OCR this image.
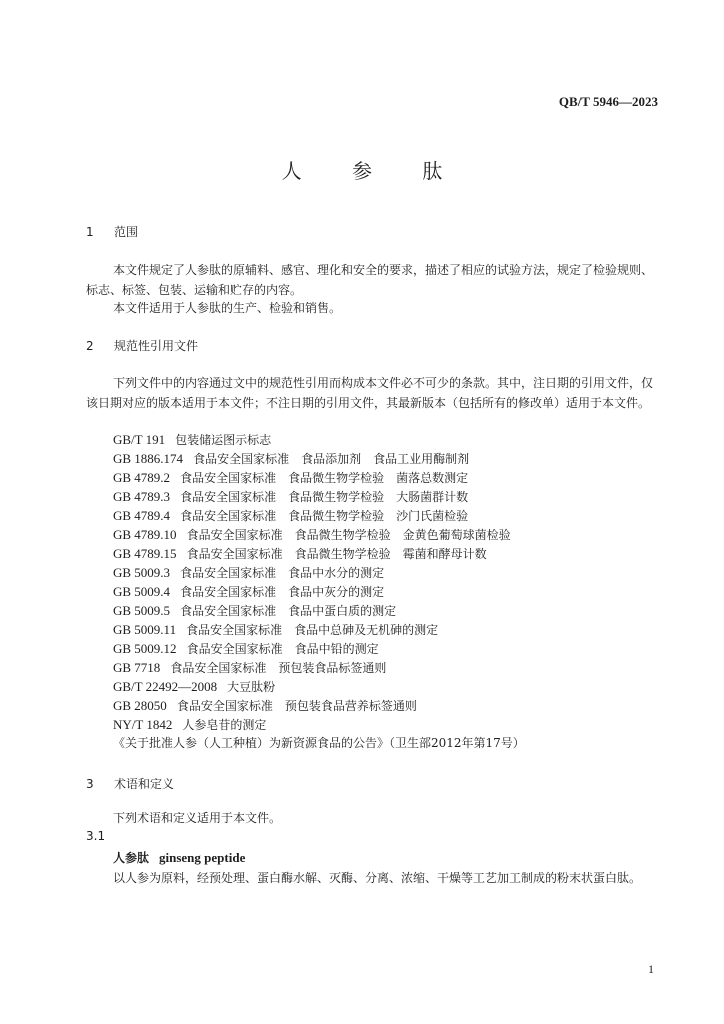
QB/T 5946—2023
人 参 肽
1 范围

本文件规定了人参肽的原辅料、感官、理化和安全的要求，描述了相应的试验方法，规定了检验规则、标志、标签、包装、运输和贮存的内容。

本文件适用于人参肽的生产、检验和销售。

2 规范性引用文件

下列文件中的内容通过文中的规范性引用而构成本文件必不可少的条款。其中，注日期的引用文件，仅该日期对应的版本适用于本文件；不注日期的引用文件，其最新版本（包括所有的修改单）适用于本文件。

GB/T 191 包装储运图示标志
GB 1886.174 食品安全国家标准　食品添加剂　食品工业用酶制剂
GB 4789.2 食品安全国家标准　食品微生物学检验　菌落总数测定
GB 4789.3 食品安全国家标准　食品微生物学检验　大肠菌群计数
GB 4789.4 食品安全国家标准　食品微生物学检验　沙门氏菌检验
GB 4789.10 食品安全国家标准　食品微生物学检验　金黄色葡萄球菌检验
GB 4789.15 食品安全国家标准　食品微生物学检验　霉菌和酵母计数
GB 5009.3 食品安全国家标准　食品中水分的测定
GB 5009.4 食品安全国家标准　食品中灰分的测定
GB 5009.5 食品安全国家标准　食品中蛋白质的测定
GB 5009.11 食品安全国家标准　食品中总砷及无机砷的测定
GB 5009.12 食品安全国家标准　食品中铅的测定
GB 7718 食品安全国家标准　预包装食品标签通则
GB/T 22492—2008 大豆肽粉
GB 28050 食品安全国家标准　预包装食品营养标签通则
NY/T 1842 人参皂苷的测定
《关于批准人参（人工种植）为新资源食品的公告》（卫生部2012年第17号）
3 术语和定义

下列术语和定义适用于本文件。

3.1
人参肽 ginseng peptide
以人参为原料，经预处理、蛋白酶水解、灭酶、分离、浓缩、干燥等工艺加工制成的粉末状蛋白肽。
1
